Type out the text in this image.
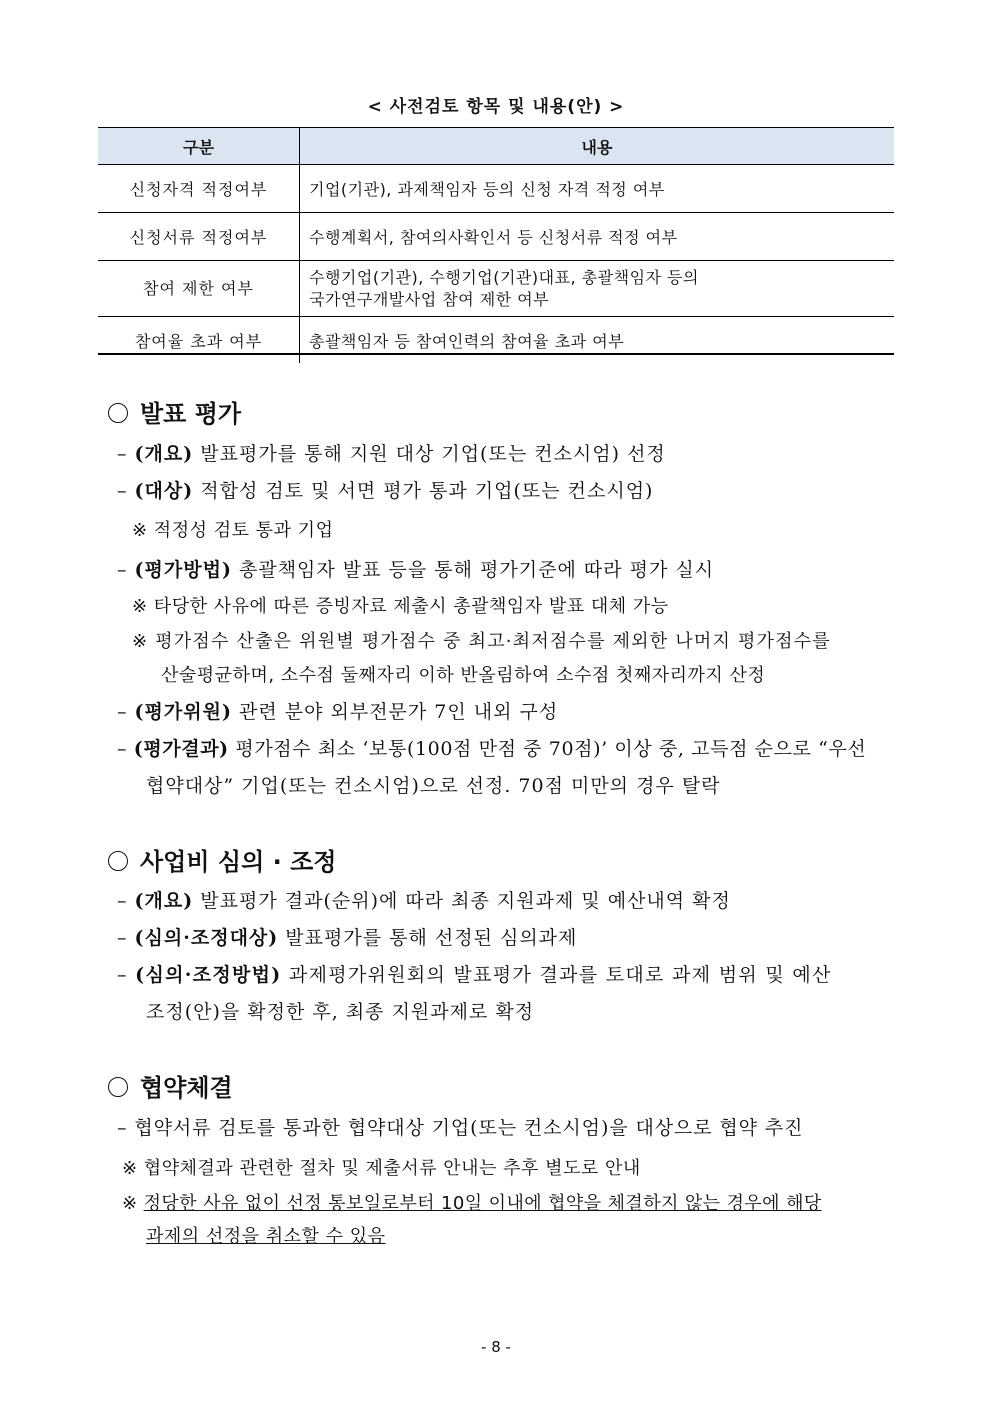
< 사전검토 항목 및 내용(안) >
구분	내용
신청자격 적정여부	기업(기관), 과제책임자 등의 신청 자격 적정 여부
신청서류 적정여부	수행계획서, 참여의사확인서 등 신청서류 적정 여부
참여 제한 여부	수행기업(기관), 수행기업(기관)대표, 총괄책임자 등의
국가연구개발사업 참여 제한 여부
참여율 초과 여부	총괄책임자 등 참여인력의 참여율 초과 여부
발표 평가
– (개요) 발표평가를 통해 지원 대상 기업(또는 컨소시엄) 선정
– (대상) 적합성 검토 및 서면 평가 통과 기업(또는 컨소시엄)
※ 적정성 검토 통과 기업
– (평가방법) 총괄책임자 발표 등을 통해 평가기준에 따라 평가 실시
※ 타당한 사유에 따른 증빙자료 제출시 총괄책임자 발표 대체 가능
※ 평가점수 산출은 위원별 평가점수 중 최고·최저점수를 제외한 나머지 평가점수를
산술평균하며, 소수점 둘째자리 이하 반올림하여 소수점 첫째자리까지 산정
– (평가위원) 관련 분야 외부전문가 7인 내외 구성
– (평가결과) 평가점수 최소 ‘보통(100점 만점 중 70점)’ 이상 중, 고득점 순으로 “우선
협약대상” 기업(또는 컨소시엄)으로 선정. 70점 미만의 경우 탈락
사업비 심의 · 조정
– (개요) 발표평가 결과(순위)에 따라 최종 지원과제 및 예산내역 확정
– (심의·조정대상) 발표평가를 통해 선정된 심의과제
– (심의·조정방법) 과제평가위원회의 발표평가 결과를 토대로 과제 범위 및 예산
조정(안)을 확정한 후, 최종 지원과제로 확정
협약체결
– 협약서류 검토를 통과한 협약대상 기업(또는 컨소시엄)을 대상으로 협약 추진
※ 협약체결과 관련한 절차 및 제출서류 안내는 추후 별도로 안내
※ 정당한 사유 없이 선정 통보일로부터 10일 이내에 협약을 체결하지 않는 경우에 해당
과제의 선정을 취소할 수 있음
- 8 -
